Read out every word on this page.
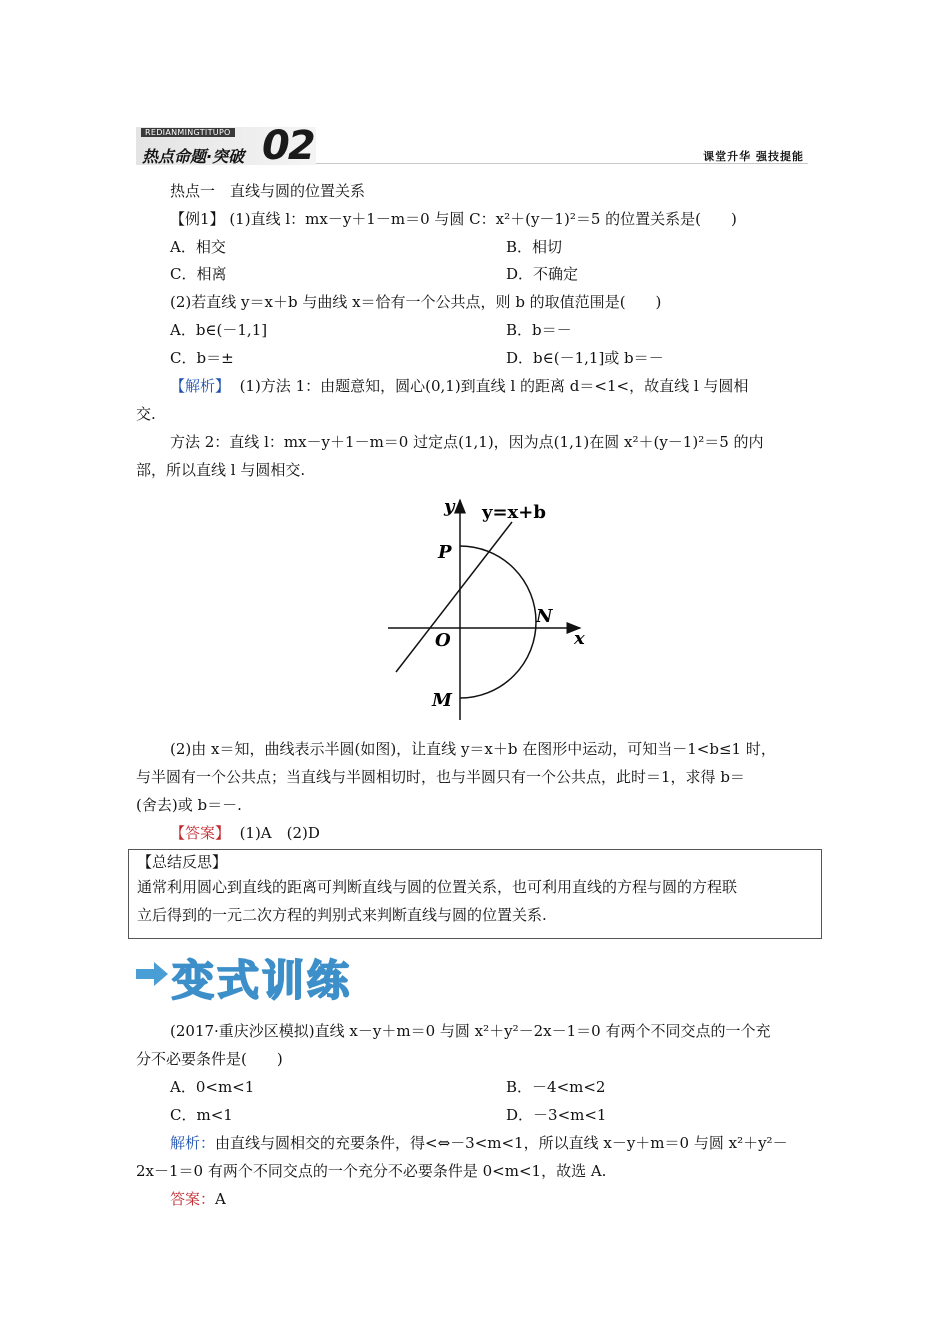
REDIANMINGTITUPO
热点命题·突破 02	课堂升华 强技提能
热点一　直线与圆的位置关系
【例1】 (1)直线 l：mx－y＋1－m＝0 与圆 C：x²＋(y－1)²＝5 的位置关系是(　　)
A．相交	B．相切
C．相离	D．不确定
(2)若直线 y＝x＋b 与曲线 x＝恰有一个公共点，则 b 的取值范围是(　　)
A．b∈(－1,1]	B．b＝－
C．b＝±	D．b∈(－1,1]或 b＝－
【解析】 (1)方法 1：由题意知，圆心(0,1)到直线 l 的距离 d＝<1<，故直线 l 与圆相
交.
方法 2：直线 l：mx－y＋1－m＝0 过定点(1,1)，因为点(1,1)在圆 x²＋(y－1)²＝5 的内
部，所以直线 l 与圆相交.
y
x
y=x+b
P
N
O
M
(2)由 x＝知，曲线表示半圆(如图)，让直线 y＝x＋b 在图形中运动，可知当－1<b≤1 时，
与半圆有一个公共点；当直线与半圆相切时，也与半圆只有一个公共点，此时＝1，求得 b＝
(舍去)或 b＝－.
【答案】 (1)A　(2)D
【总结反思】
通常利用圆心到直线的距离可判断直线与圆的位置关系，也可利用直线的方程与圆的方程联
立后得到的一元二次方程的判别式来判断直线与圆的位置关系.
变式训练
(2017·重庆沙区模拟)直线 x－y＋m＝0 与圆 x²＋y²－2x－1＝0 有两个不同交点的一个充
分不必要条件是(　　)
A．0<m<1	B．－4<m<2
C．m<1	D．－3<m<1
解析：由直线与圆相交的充要条件，得<⇔－3<m<1，所以直线 x－y＋m＝0 与圆 x²＋y²－
2x－1＝0 有两个不同交点的一个充分不必要条件是 0<m<1，故选 A.
答案：A
